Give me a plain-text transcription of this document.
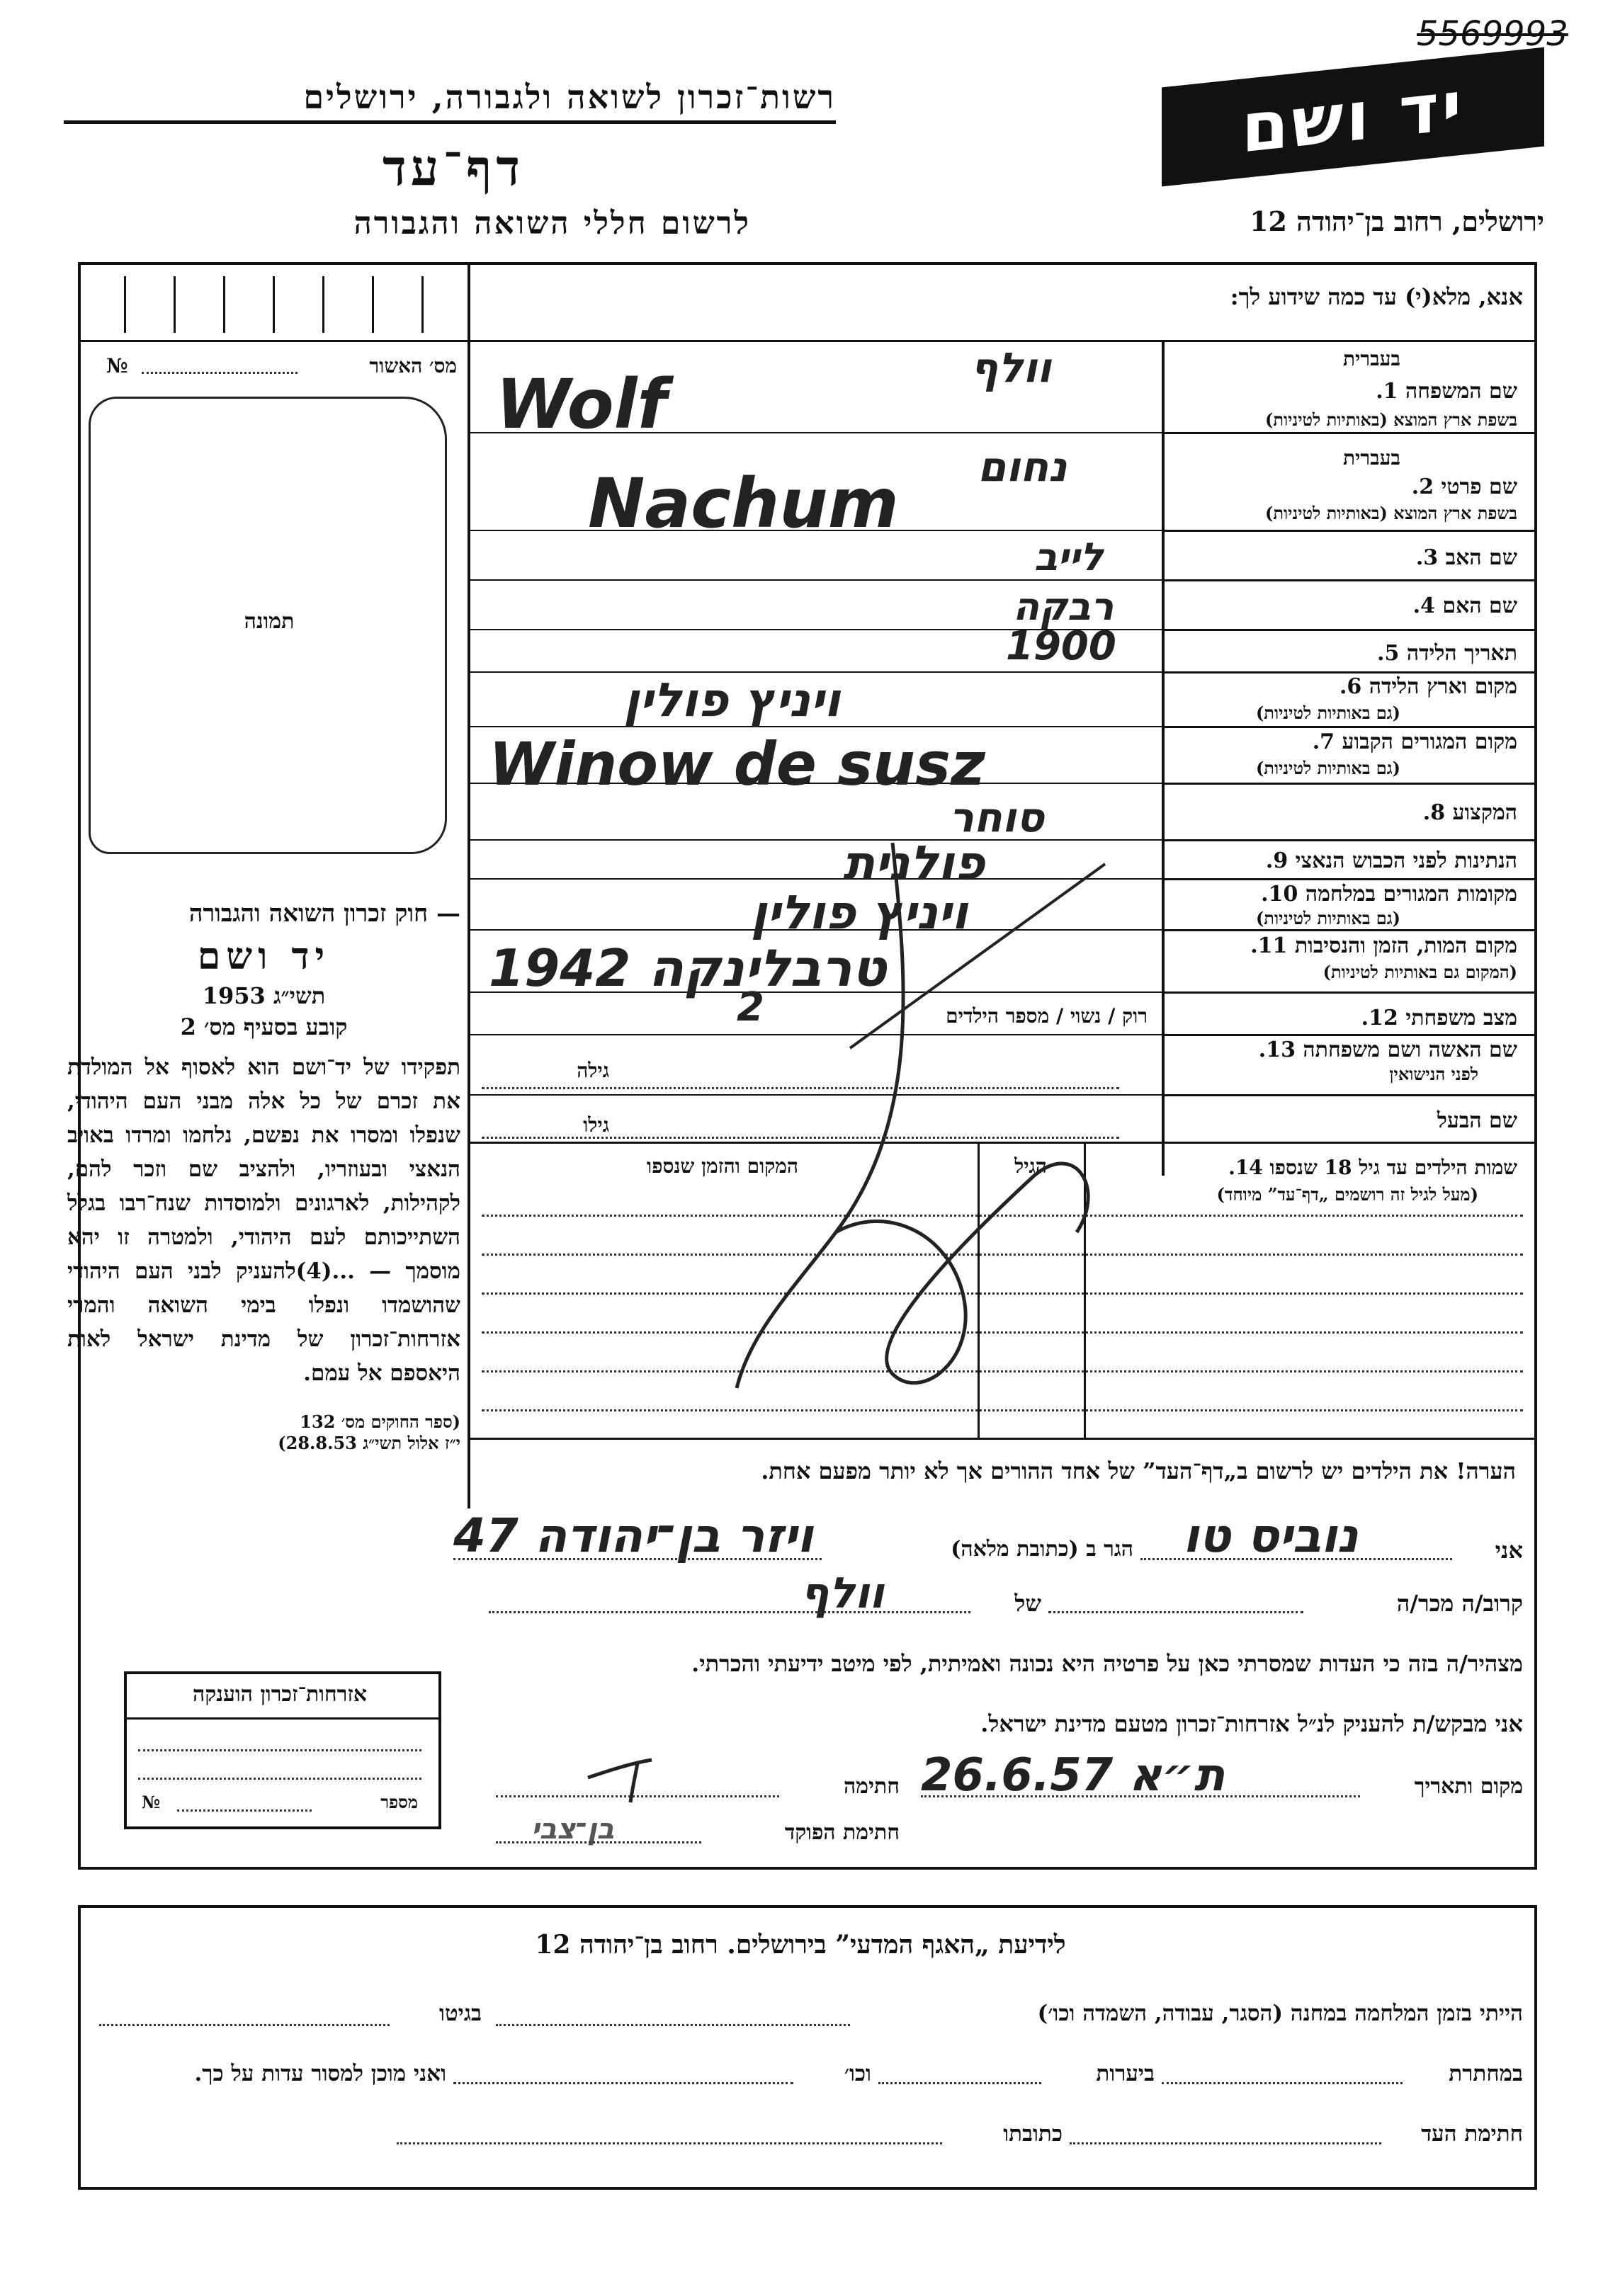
5569993
רשות־זכרון לשואה ולגבורה, ירושלים	יד ושם
דף־עד
לרשום חללי השואה והגבורה	ירושלים, רחוב בן־יהודה 12
אנא, מלא(י) עד כמה שידוע לך:
מס׳ האשור
№
תמונה
שם המשפחה 1.
בעברית
בשפת ארץ המוצא (באותיות לטיניות)
בעברית
שם פרטי 2.
בשפת ארץ המוצא (באותיות לטיניות)
שם האב 3.
שם האם 4.
תאריך הלידה 5.
מקום וארץ הלידה 6.
(גם באותיות לטיניות)
מקום המגורים הקבוע 7.
(גם באותיות לטיניות)
המקצוע 8.
הנתינות לפני הכבוש הנאצי 9.
מקומות המגורים במלחמה 10.
(גם באותיות לטיניות)
מקום המות, הזמן והנסיבות 11.
(המקום גם באותיות לטיניות)
מצב משפחתי 12.
רוק / נשוי / מספר הילדים
שם האשה ושם משפחתה 13.
לפני הנישואין
גילה
שם הבעל
גילו
שמות הילדים עד גיל 18 שנספו 14.
(מעל לגיל זה רושמים „דף־עד” מיוחד)
הגיל
המקום והזמן שנספו
וולף
Wolf
נחום
Nachum
לייב
רבקה
1900
ויניץ פולין
Winow de susz
סוחר
פולנית
ויניץ פולין
טרבלינקה 1942
2
הערה! את הילדים יש לרשום ב„דף־העד” של אחד ההורים אך לא יותר מפעם אחת.
אני
נוביס טו
הגר ב (כתובת מלאה)
ויזר בן־יהודה 47
קרוב/ה מכר/ה
של
וולף
מצהיר/ה בזה כי העדות שמסרתי כאן על פרטיה היא נכונה ואמיתית, לפי מיטב ידיעתי והכרתי.
אני מבקש/ת להעניק לנ״ל אזרחות־זכרון מטעם מדינת ישראל.
מקום ותאריך
ת״א 26.6.57
חתימה
חתימת הפוקד
בן־צבי
— חוק זכרון השואה והגבורה
יד ושם
תשי״ג 1953
קובע בסעיף מס׳ 2
תפקידו של יד־ושם הוא לאסוף אל המולדת את זכרם של כל אלה מבני העם היהודי, שנפלו ומסרו את נפשם, נלחמו ומרדו באויב הנאצי ובעוזריו, ולהציב שם וזכר להם, לקהילות, לארגונים ולמוסדות שנח־רבו בגלל השתייכותם לעם היהודי, ולמטרה זו יהא מוסמך — ...(4)להעניק לבני העם היהודי שהושמדו ונפלו בימי השואה והמרי אזרחות־זכרון של מדינת ישראל לאות היאספם אל עמם.
(ספר החוקים מס׳ 132
י״ז אלול תשי״ג 28.8.53)
אזרחות־זכרון הוענקה
מספר
№
לידיעת „האגף המדעי” בירושלים. רחוב בן־יהודה 12
הייתי בזמן המלחמה במחנה (הסגר, עבודה, השמדה וכו׳)
בגיטו
במחתרת
ביערות
וכו׳
ואני מוכן למסור עדות על כך.
חתימת העד
כתובתו
